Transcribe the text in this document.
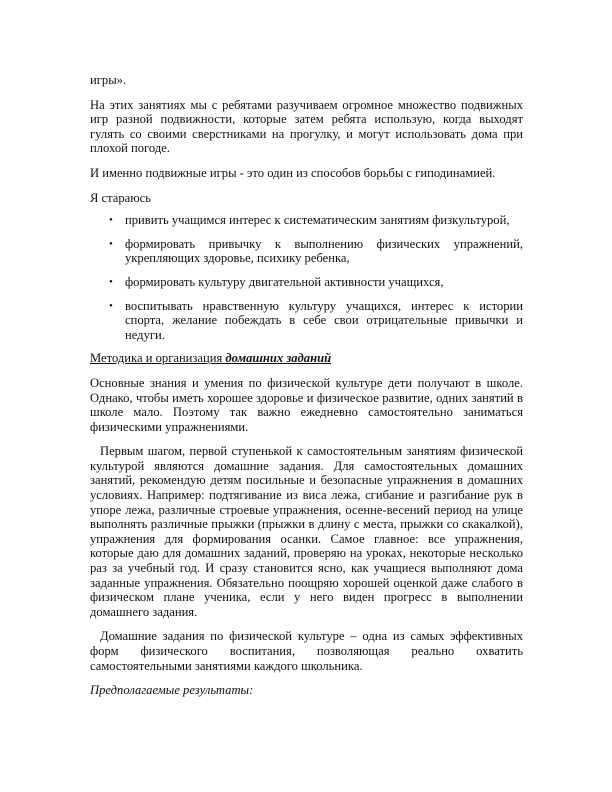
игры».

На этих занятиях мы с ребятами разучиваем огромное множество подвижных игр разной подвижности, которые затем ребята использую, когда выходят гулять со своими сверстниками на прогулку, и могут использовать дома при плохой погоде.

И именно подвижные игры - это один из способов борьбы с гиподинамией.

Я стараюсь

• привить учащимся интерес к систематическим занятиям физкультурой,
• формировать привычку к выполнению физических упражнений, укрепляющих здоровье, психику ребенка,
• формировать культуру двигательной активности учащихся,
• воспитывать нравственную культуру учащихся, интерес к истории спорта, желание побеждать в себе свои отрицательные привычки и недуги.

Методика и организация домашних заданий

Основные знания и умения по физической культуре дети получают в школе. Однако, чтобы иметь хорошее здоровье и физическое развитие, одних занятий в школе мало. Поэтому так важно ежедневно самостоятельно заниматься физическими упражнениями.

Первым шагом, первой ступенькой к самостоятельным занятиям физической культурой являются домашние задания. Для самостоятельных домашних занятий, рекомендую детям посильные и безопасные упражнения в домашних условиях. Например: подтягивание из виса лежа, сгибание и разгибание рук в упоре лежа, различные строевые упражнения, осенне-весений период на улице выполнять различные прыжки (прыжки в длину с места, прыжки со скакалкой), упражнения для формирования осанки. Самое главное: все упражнения, которые даю для домашних заданий, проверяю на уроках, некоторые несколько раз за учебный год. И сразу становится ясно, как учащиеся выполняют дома заданные упражнения. Обязательно поощряю хорошей оценкой даже слабого в физическом плане ученика, если у него виден прогресс в выполнении домашнего задания.

Домашние задания по физической культуре – одна из самых эффективных форм физического воспитания, позволяющая реально охватить самостоятельными занятиями каждого школьника.

Предполагаемые результаты:
